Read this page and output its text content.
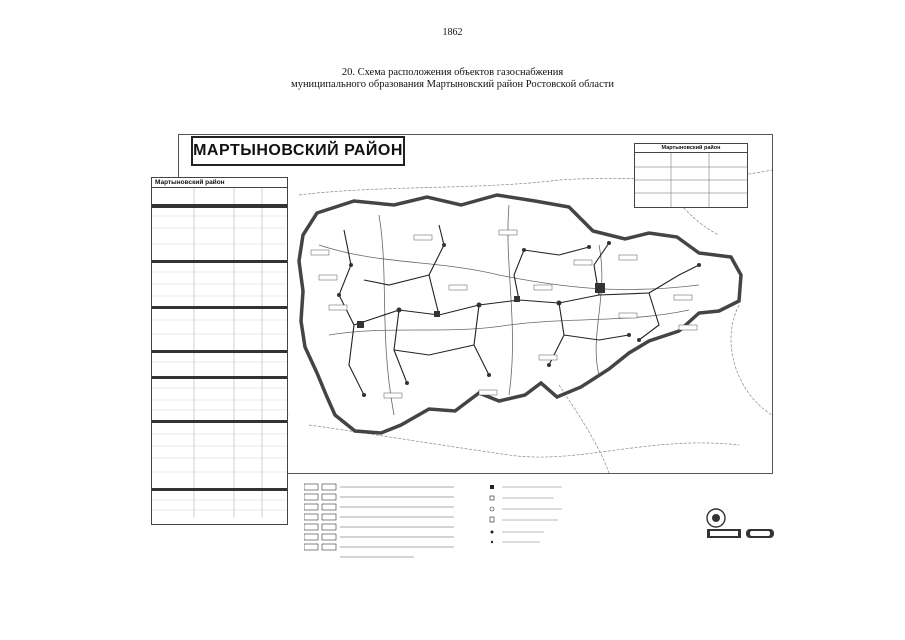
1862
20. Схема расположения объектов газоснабжения
муниципального образования Мартыновский район Ростовской области
МАРТЫНОВСКИЙ РАЙОН	Мартыновский район
Мартыновский район
